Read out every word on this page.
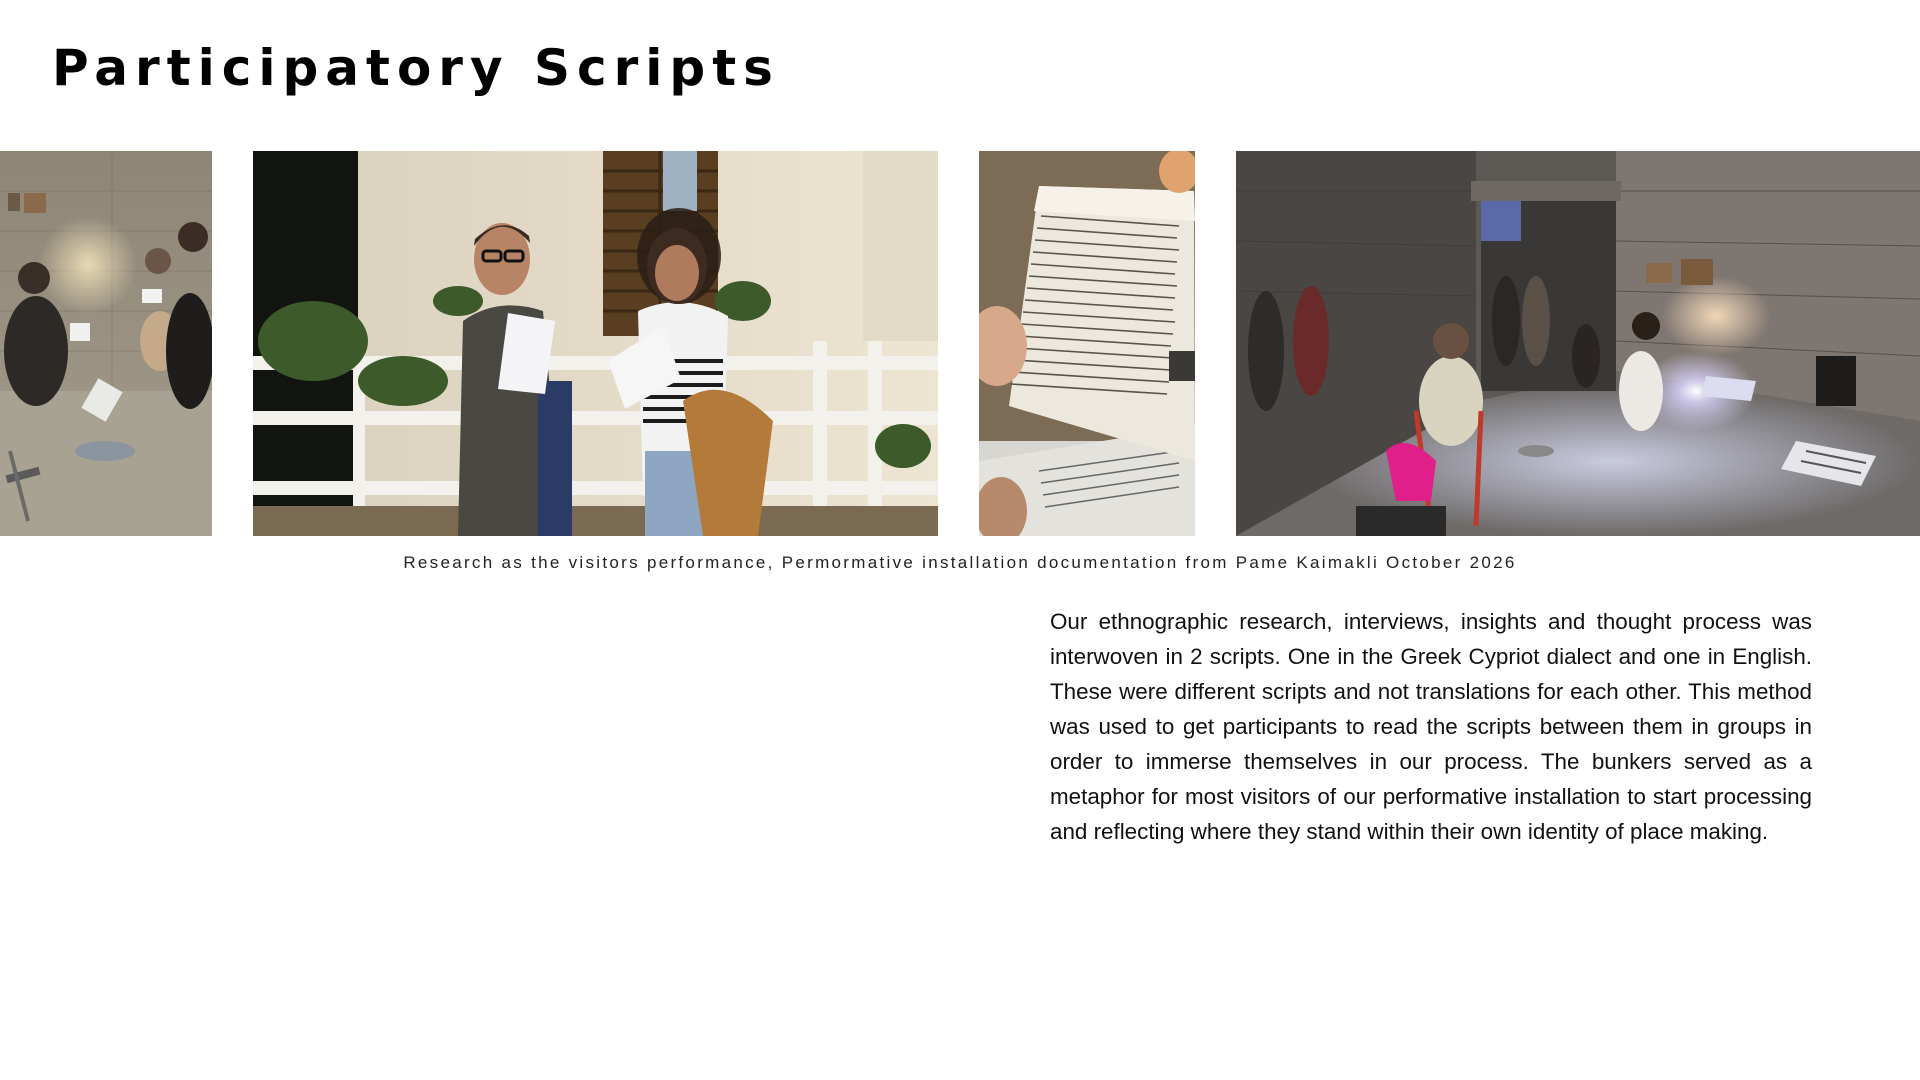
Participatory Scripts
Research as the visitors performance, Permormative installation documentation from Pame Kaimakli October 2026

Our ethnographic research, interviews, insights and thought process was interwoven in 2 scripts. One in the Greek Cypriot dialect and one in English. These were different scripts and not translations for each other. This method was used to get participants to read the scripts between them in groups in order to immerse themselves in our process. The bunkers served as a metaphor for most visitors of our performative installation to start processing and reflecting where they stand within their own identity of place making.
